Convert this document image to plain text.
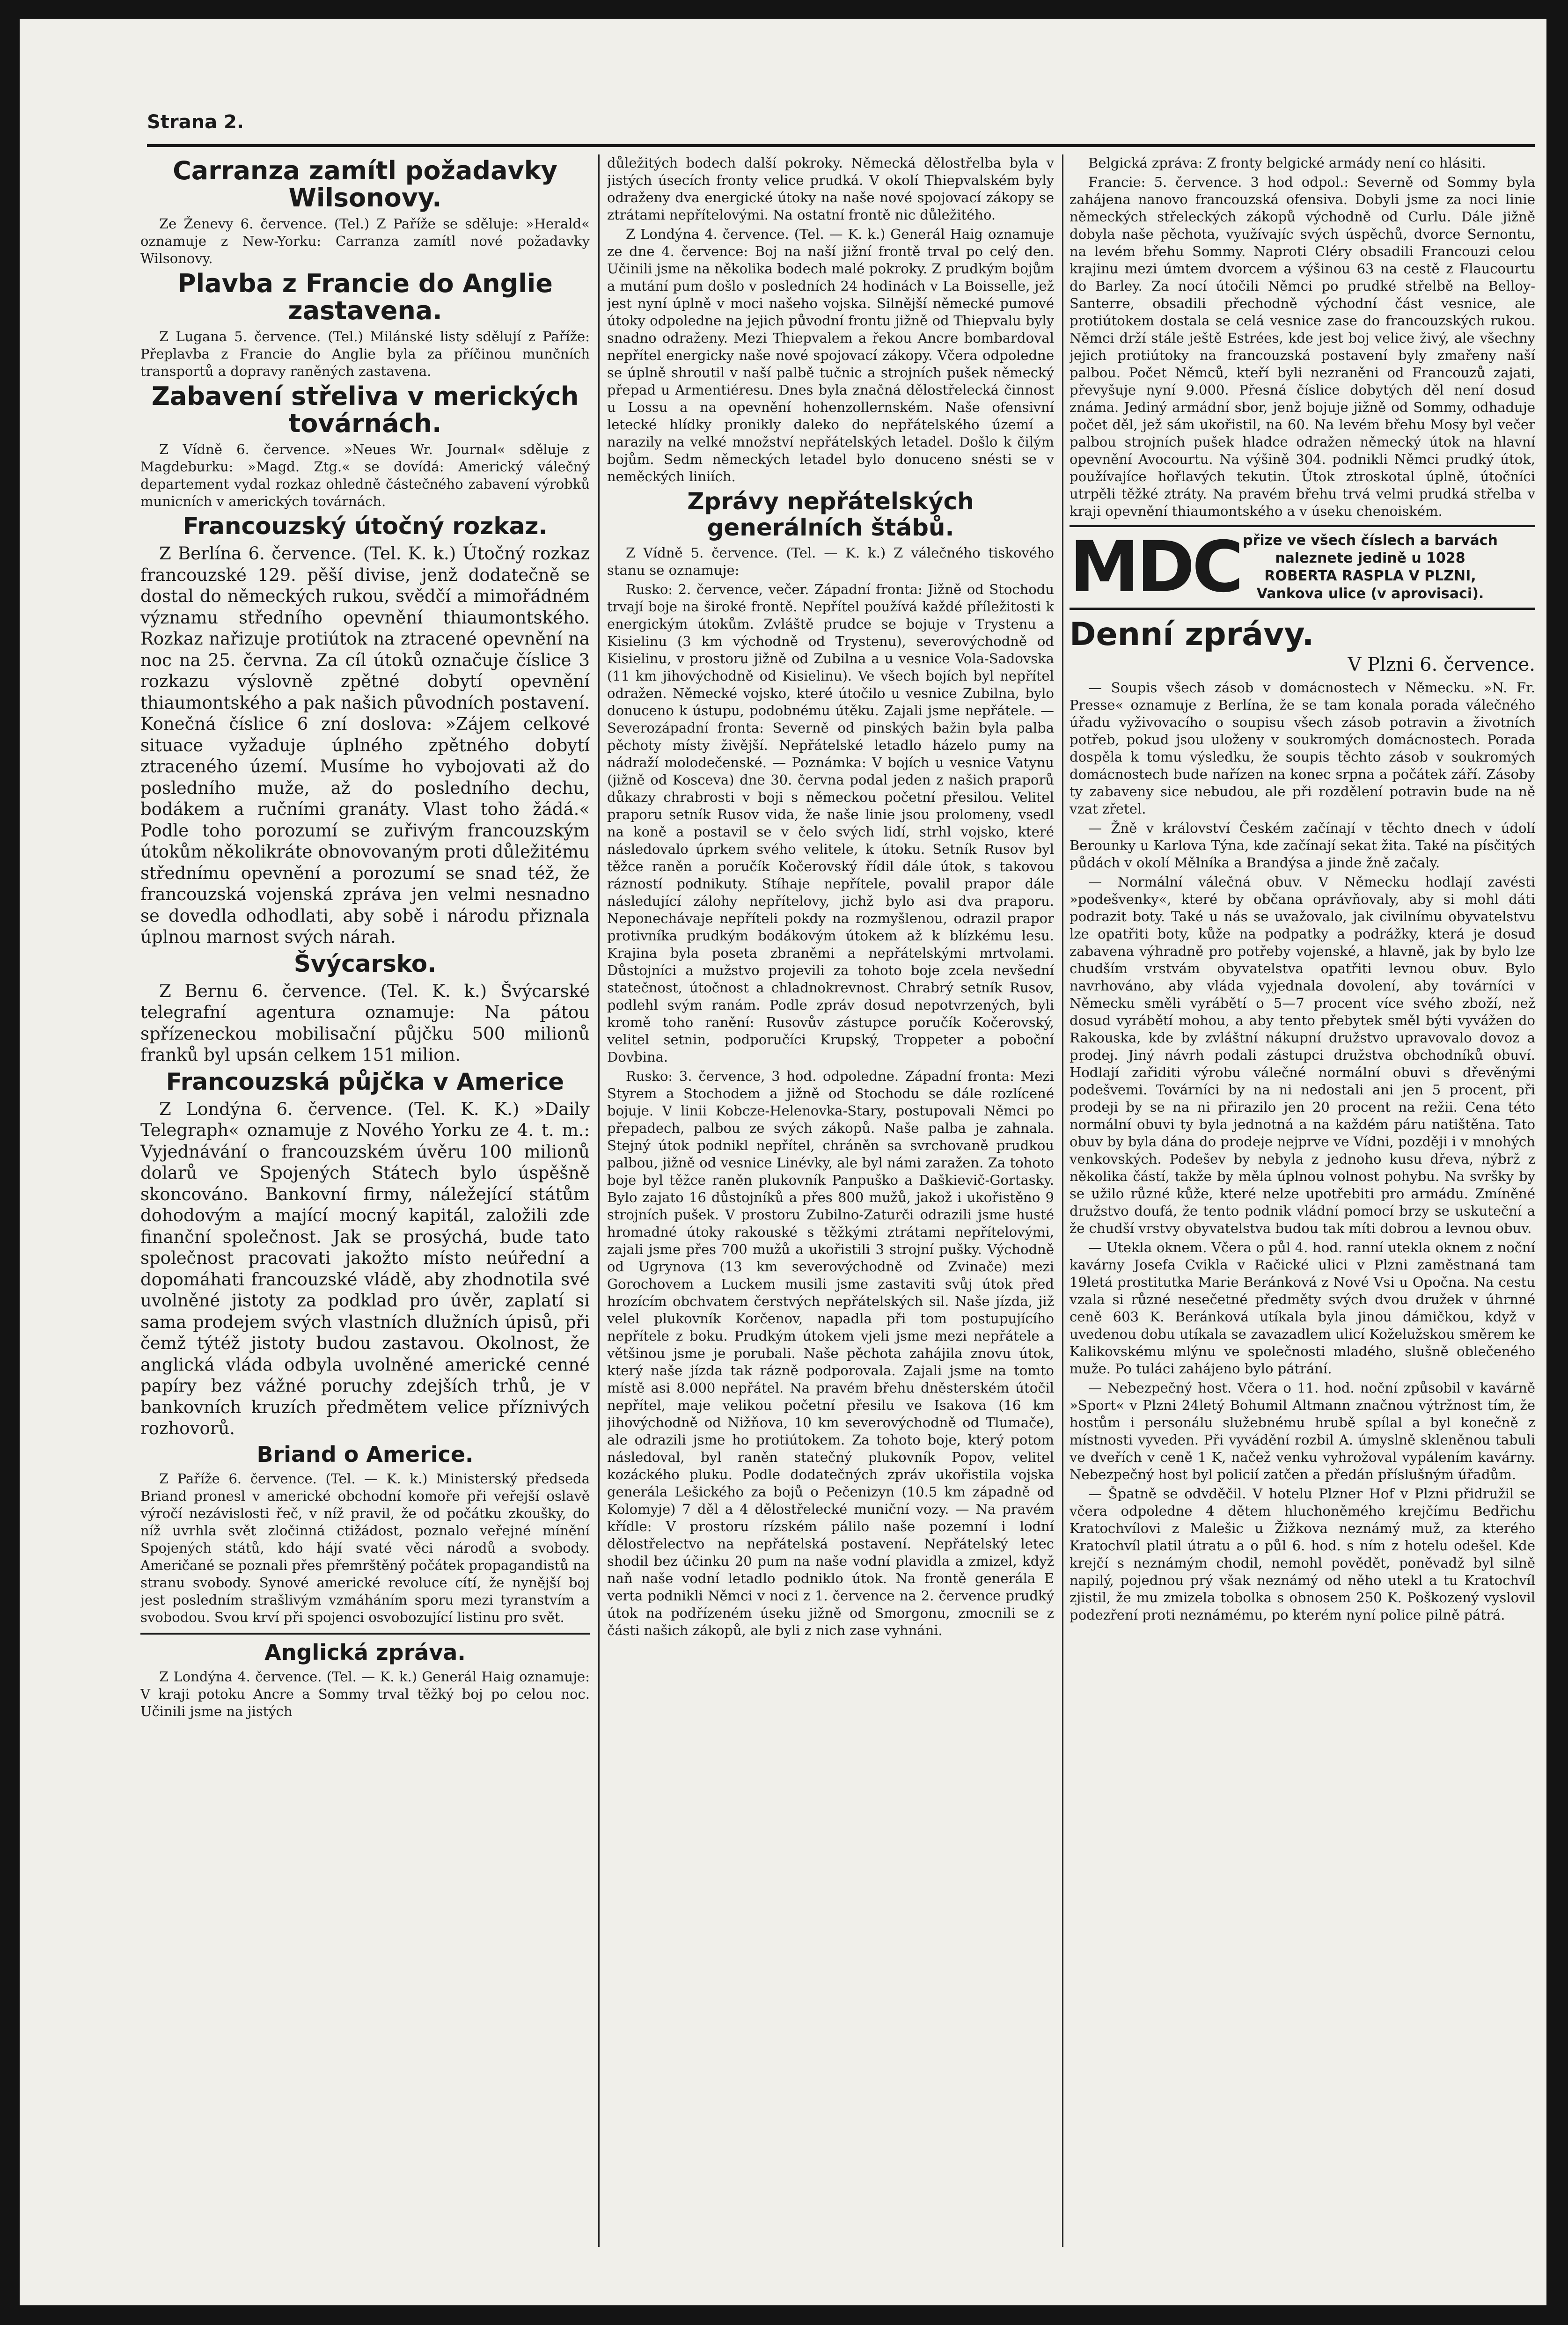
Strana 2.
Carranza zamítl požadavky Wilsonovy.

Ze Ženevy 6. července. (Tel.) Z Paříže se sděluje: »Herald« oznamuje z New-Yorku: Carranza zamítl nové požadavky Wilsonovy.

Plavba z Francie do Anglie zastavena.

Z Lugana 5. července. (Tel.) Milánské listy sdělují z Paříže: Přeplavba z Francie do Anglie byla za příčinou munčních transportů a dopravy raněných zastavena.

Zabavení střeliva v merických továrnách.

Z Vídně 6. července. »Neues Wr. Journal« sděluje z Magdeburku: »Magd. Ztg.« se dovídá: Americký válečný departement vydal rozkaz ohledně částečného zabavení výrobků municních v amerických továrnách.

Francouzský útočný rozkaz.

Z Berlína 6. července. (Tel. K. k.) Útočný rozkaz francouzské 129. pěší divise, jenž dodatečně se dostal do německých rukou, svědčí a mimořádném významu středního opevnění thiaumontského. Rozkaz nařizuje protiútok na ztracené opevnění na noc na 25. června. Za cíl útoků označuje číslice 3 rozkazu výslovně zpětné dobytí opevnění thiaumontského a pak našich původních postavení. Konečná číslice 6 zní doslova: »Zájem celkové situace vyžaduje úplného zpětného dobytí ztraceného území. Musíme ho vybojovati až do posledního muže, až do posledního dechu, bodákem a ručními granáty. Vlast toho žádá.« Podle toho porozumí se zuřivým francouzským útokům několikráte obnovovaným proti důležitému střednímu opevnění a porozumí se snad též, že francouzská vojenská zpráva jen velmi nesnadno se dovedla odhodlati, aby sobě i národu přiznala úplnou marnost svých nárah.

Švýcarsko.

Z Bernu 6. července. (Tel. K. k.) Švýcarské telegrafní agentura oznamuje: Na pátou spřízeneckou mobilisační půjčku 500 milionů franků byl upsán celkem 151 milion.

Francouzská půjčka v Americe

Z Londýna 6. července. (Tel. K. K.) »Daily Telegraph« oznamuje z Nového Yorku ze 4. t. m.: Vyjednávání o francouzském úvěru 100 milionů dolarů ve Spojených Státech bylo úspěšně skoncováno. Bankovní firmy, náležející státům dohodovým a mající mocný kapitál, založili zde finanční společnost. Jak se prosýchá, bude tato společnost pracovati jakožto místo neúřední a dopomáhati francouzské vládě, aby zhodnotila své uvolněné jistoty za podklad pro úvěr, zaplatí si sama prodejem svých vlastních dlužních úpisů, při čemž týtéž jistoty budou zastavou. Okolnost, že anglická vláda odbyla uvolněné americké cenné papíry bez vážné poruchy zdejších trhů, je v bankovních kruzích předmětem velice příznivých rozhovorů.

Briand o Americe.

Z Paříže 6. července. (Tel. — K. k.) Ministerský předseda Briand pronesl v americké obchodní komoře při veřejší oslavě výročí nezávislosti řeč, v níž pravil, že od počátku zkoušky, do níž uvrhla svět zločinná ctižádost, poznalo veřejné mínění Spojených států, kdo hájí svaté věci národů a svobody. Američané se poznali přes přemrštěný počátek propagandistů na stranu svobody. Synové americké revoluce cítí, že nynější boj jest posledním strašlivým vzmáháním sporu mezi tyranstvím a svobodou. Svou krví při spojenci osvobozující listinu pro svět.

Anglická zpráva.

Z Londýna 4. července. (Tel. — K. k.) Generál Haig oznamuje: V kraji potoku Ancre a Sommy trval těžký boj po celou noc. Učinili jsme na jistých

důležitých bodech další pokroky. Německá dělostřelba byla v jistých úsecích fronty velice prudká. V okolí Thiepvalském byly odraženy dva energické útoky na naše nové spojovací zákopy se ztrátami nepřítelovými. Na ostatní frontě nic důležitého.

Z Londýna 4. července. (Tel. — K. k.) Generál Haig oznamuje ze dne 4. července: Boj na naší jižní frontě trval po celý den. Učinili jsme na několika bodech malé pokroky. Z prudkým bojům a mutání pum došlo v posledních 24 hodinách v La Boisselle, jež jest nyní úplně v moci našeho vojska. Silnější německé pumové útoky odpoledne na jejich původní frontu jižně od Thiepvalu byly snadno odraženy. Mezi Thiepvalem a řekou Ancre bombardoval nepřítel energicky naše nové spojovací zákopy. Včera odpoledne se úplně shroutil v naší palbě tučnic a strojních pušek německý přepad u Armentiéresu. Dnes byla značná dělostřelecká činnost u Lossu a na opevnění hohenzollernském. Naše ofensivní letecké hlídky pronikly daleko do nepřátelského území a narazily na velké množství nepřátelských letadel. Došlo k čilým bojům. Sedm německých letadel bylo donuceno snésti se v neměckých liniích.

Zprávy nepřátelských generálních štábů.

Z Vídně 5. července. (Tel. — K. k.) Z válečného tiskového stanu se oznamuje:

Rusko: 2. července, večer. Západní fronta: Jižně od Stochodu trvají boje na široké frontě. Nepřítel používá každé příležitosti k energickým útokům. Zvláště prudce se bojuje v Trystenu a Kisielinu (3 km východně od Trystenu), severovýchodně od Kisielinu, v prostoru jižně od Zubilna a u vesnice Vola-Sadovska (11 km jihovýchodně od Kisielinu). Ve všech bojích byl nepřítel odražen. Německé vojsko, které útočilo u vesnice Zubilna, bylo donuceno k ústupu, podobnému útěku. Zajali jsme nepřátele. — Severozápadní fronta: Severně od pinských bažin byla palba pěchoty místy živější. Nepřátelské letadlo házelo pumy na nádraží molodečenské. — Poznámka: V bojích u vesnice Vatynu (jižně od Kosceva) dne 30. června podal jeden z našich praporů důkazy chrabrosti v boji s německou početní přesilou. Velitel praporu setník Rusov vida, že naše linie jsou prolomeny, vsedl na koně a postavil se v čelo svých lidí, strhl vojsko, které následovalo úprkem svého velitele, k útoku. Setník Rusov byl těžce raněn a poručík Kočerovský řídil dále útok, s takovou rázností podnikuty. Stíhaje nepřítele, povalil prapor dále následující zálohy nepřítelovy, jichž bylo asi dva praporu. Neponechávaje nepříteli pokdy na rozmyšlenou, odrazil prapor protivníka prudkým bodákovým útokem až k blízkému lesu. Krajina byla poseta zbraněmi a nepřátelskými mrtvolami. Důstojníci a mužstvo projevili za tohoto boje zcela nevšední statečnost, útočnost a chladnokrevnost. Chrabrý setník Rusov, podlehl svým ranám. Podle zpráv dosud nepotvrzených, byli kromě toho ranění: Rusovův zástupce poručík Kočerovský, velitel setnin, podporučíci Krupský, Troppeter a poboční Dovbina.

Rusko: 3. července, 3 hod. odpoledne. Západní fronta: Mezi Styrem a Stochodem a jižně od Stochodu se dále rozlícené bojuje. V linii Kobcze-Helenovka-Stary, postupovali Němci po přepadech, palbou ze svých zákopů. Naše palba je zahnala. Stejný útok podnikl nepřítel, chráněn sa svrchovaně prudkou palbou, jižně od vesnice Linévky, ale byl námi zaražen. Za tohoto boje byl těžce raněn plukovník Panpuško a Daškievič-Gortasky. Bylo zajato 16 důstojníků a přes 800 mužů, jakož i ukořistěno 9 strojních pušek. V prostoru Zubilno-Zaturči odrazili jsme husté hromadné útoky rakouské s těžkými ztrátami nepřítelovými, zajali jsme přes 700 mužů a ukořistili 3 strojní pušky. Východně od Ugrynova (13 km severovýchodně od Zvinače) mezi Gorochovem a Luckem musili jsme zastaviti svůj útok před hrozícím obchvatem čerstvých nepřátelských sil. Naše jízda, již velel plukovník Korčenov, napadla při tom postupujícího nepřítele z boku. Prudkým útokem vjeli jsme mezi nepřátele a většinou jsme je porubali. Naše pěchota zahájila znovu útok, který naše jízda tak rázně podporovala. Zajali jsme na tomto místě asi 8.000 nepřátel. Na pravém břehu dněsterském útočil nepřítel, maje velikou početní přesilu ve Isakova (16 km jihovýchodně od Nižňova, 10 km severovýchodně od Tlumače), ale odrazili jsme ho protiútokem. Za tohoto boje, který potom následoval, byl raněn statečný plukovník Popov, velitel kozáckého pluku. Podle dodatečných zpráv ukořistila vojska generála Lešického za bojů o Pečenizyn (10.5 km západně od Kolomyje) 7 děl a 4 dělostřelecké muniční vozy. — Na pravém křídle: V prostoru rízském pálilo naše pozemní i lodní dělostřelectvo na nepřátelská postavení. Nepřátelský letec shodil bez účinku 20 pum na naše vodní plavidla a zmizel, když naň naše vodní letadlo podniklo útok. Na frontě generála E verta podnikli Němci v noci z 1. července na 2. července prudký útok na podřízeném úseku jižně od Smorgonu, zmocnili se z části našich zákopů, ale byli z nich zase vyhnáni.

Belgická zpráva: Z fronty belgické armády není co hlásiti.

Francie: 5. července. 3 hod odpol.: Severně od Sommy byla zahájena nanovo francouzská ofensiva. Dobyli jsme za noci linie německých střeleckých zákopů východně od Curlu. Dále jižně dobyla naše pěchota, využívajíc svých úspěchů, dvorce Sernontu, na levém břehu Sommy. Naproti Cléry obsadili Francouzi celou krajinu mezi úmtem dvorcem a výšinou 63 na cestě z Flaucourtu do Barley. Za nocí útočili Němci po prudké střelbě na Belloy-Santerre, obsadili přechodně východní část vesnice, ale protiútokem dostala se celá vesnice zase do francouzských rukou. Němci drží stále ještě Estrées, kde jest boj velice živý, ale všechny jejich protiútoky na francouzská postavení byly zmařeny naší palbou. Počet Němců, kteří byli nezraněni od Francouzů zajati, převyšuje nyní 9.000. Přesná číslice dobytých děl není dosud známa. Jediný armádní sbor, jenž bojuje jižně od Sommy, odhaduje počet děl, jež sám ukořistil, na 60. Na levém břehu Mosy byl večer palbou strojních pušek hladce odražen německý útok na hlavní opevnění Avocourtu. Na výšině 304. podnikli Němci prudký útok, používajíce hořlavých tekutin. Útok ztroskotal úplně, útočníci utrpěli těžké ztráty. Na pravém břehu trvá velmi prudká střelba v kraji opevnění thiaumontského a v úseku chenoiském.

MDC přize ve všech číslech a barvách naleznete jedině u 1028
ROBERTA RASPLA V PLZNI,
Vankova ulice (v aprovisaci).
Denní zprávy.
V Plzni 6. července.

— Soupis všech zásob v domácnostech v Německu. »N. Fr. Presse« oznamuje z Berlína, že se tam konala porada válečného úřadu vyživovacího o soupisu všech zásob potravin a životních potřeb, pokud jsou uloženy v soukromých domácnostech. Porada dospěla k tomu výsledku, že soupis těchto zásob v soukromých domácnostech bude nařízen na konec srpna a počátek září. Zásoby ty zabaveny sice nebudou, ale při rozdělení potravin bude na ně vzat zřetel.

— Žně v království Českém začínají v těchto dnech v údolí Berounky u Karlova Týna, kde začínají sekat žita. Také na písčitých půdách v okolí Mělníka a Brandýsa a jinde žně začaly.

— Normální válečná obuv. V Německu hodlají zavésti »podešvenky«, které by občana oprávňovaly, aby si mohl dáti podrazit boty. Také u nás se uvažovalo, jak civilnímu obyvatelstvu lze opatřiti boty, kůže na podpatky a podrážky, která je dosud zabavena výhradně pro potřeby vojenské, a hlavně, jak by bylo lze chudším vrstvám obyvatelstva opatřiti levnou obuv. Bylo navrhováno, aby vláda vyjednala dovolení, aby továrníci v Německu směli vyrábětí o 5—7 procent více svého zboží, než dosud vyrábětí mohou, a aby tento přebytek směl býti vyvážen do Rakouska, kde by zvláštní nákupní družstvo upravovalo dovoz a prodej. Jiný návrh podali zástupci družstva obchodníků obuví. Hodlají zařiditi výrobu válečné normální obuvi s dřevěnými podešvemi. Továrníci by na ni nedostali ani jen 5 procent, při prodeji by se na ni přirazilo jen 20 procent na režii. Cena této normální obuvi ty byla jednotná a na každém páru natištěna. Tato obuv by byla dána do prodeje nejprve ve Vídni, později i v mnohých venkovských. Podešev by nebyla z jednoho kusu dřeva, nýbrž z několika částí, takže by měla úplnou volnost pohybu. Na svršky by se užilo různé kůže, které nelze upotřebiti pro armádu. Zmíněné družstvo doufá, že tento podnik vládní pomocí brzy se uskuteční a že chudší vrstvy obyvatelstva budou tak míti dobrou a levnou obuv.

— Utekla oknem. Včera o půl 4. hod. ranní utekla oknem z noční kavárny Josefa Cvikla v Račické ulici v Plzni zaměstnaná tam 19letá prostitutka Marie Beránková z Nové Vsi u Opočna. Na cestu vzala si různé nesečetné předměty svých dvou družek v úhrnné ceně 603 K. Beránková utíkala byla jinou dámičkou, když v uvedenou dobu utíkala se zavazadlem ulicí Koželužskou směrem ke Kalikovskému mlýnu ve společnosti mladého, slušně oblečeného muže. Po tuláci zahájeno bylo pátrání.

— Nebezpečný host. Včera o 11. hod. noční způsobil v kavárně »Sport« v Plzni 24letý Bohumil Altmann značnou výtržnost tím, že hostům i personálu služebnému hrubě spílal a byl konečně z místnosti vyveden. Při vyvádění rozbil A. úmyslně skleněnou tabuli ve dveřích v ceně 1 K, načež venku vyhrožoval vypálením kavárny. Nebezpečný host byl policií zatčen a předán příslušným úřadům.

— Špatně se odvděčil. V hotelu Plzner Hof v Plzni přidružil se včera odpoledne 4 dětem hluchoněmého krejčímu Bedřichu Kratochvílovi z Malešic u Žižkova neznámý muž, za kterého Kratochvíl platil útratu a o půl 6. hod. s ním z hotelu odešel. Kde krejčí s neznámým chodil, nemohl povědět, poněvadž byl silně napilý, pojednou prý však neznámý od něho utekl a tu Kratochvíl zjistil, že mu zmizela tobolka s obnosem 250 K. Poškozený vyslovil podezření proti neznámému, po kterém nyní police pilně pátrá.
